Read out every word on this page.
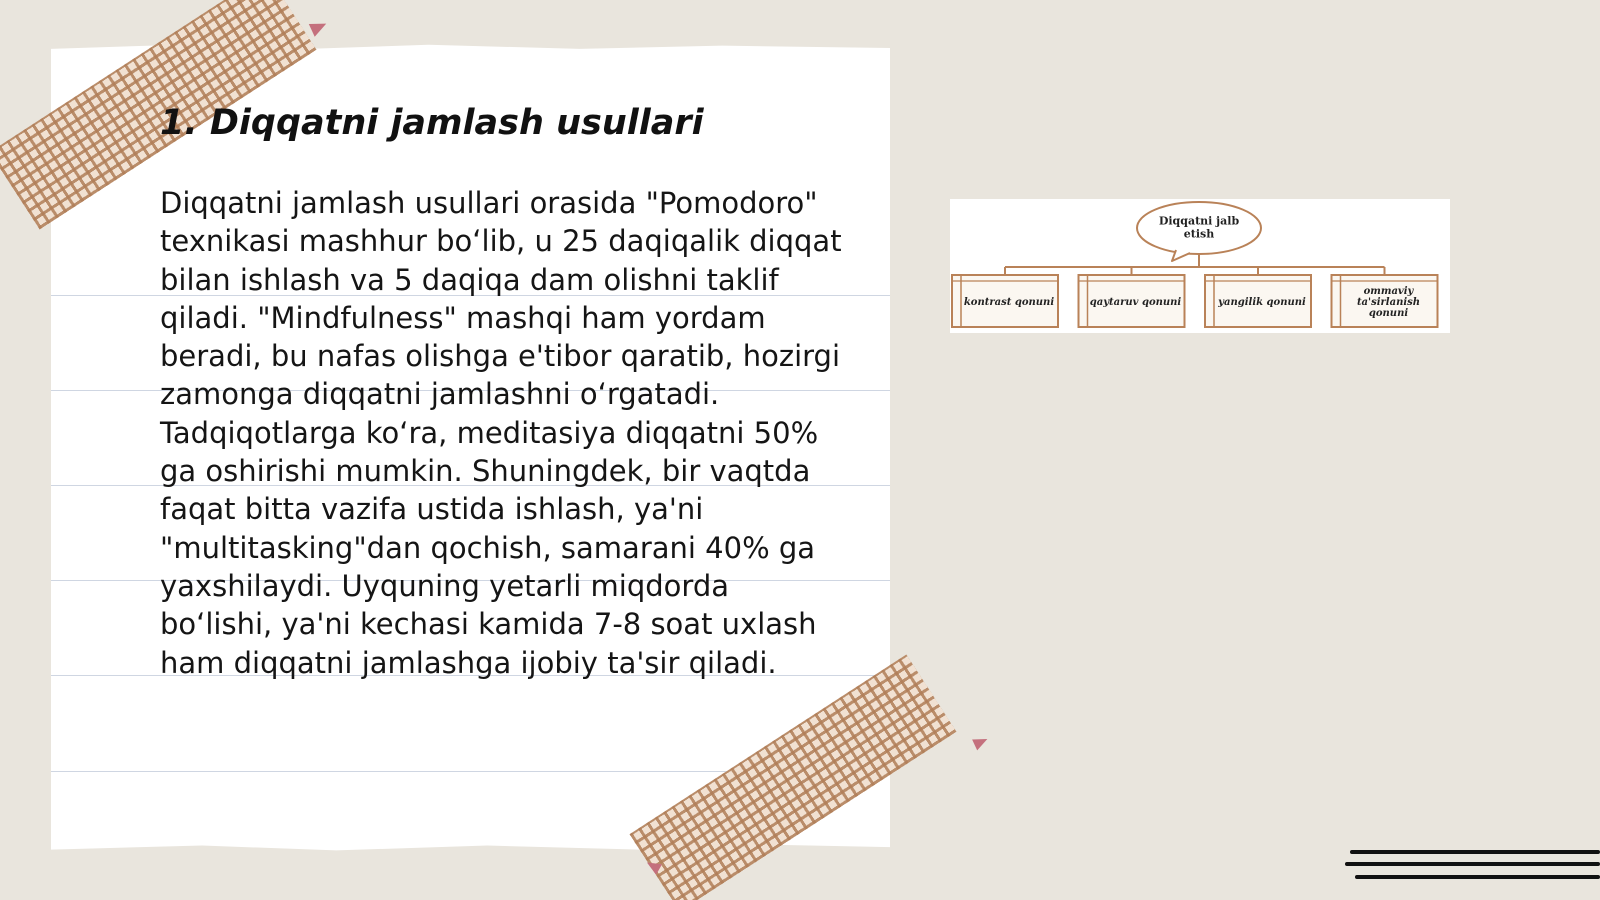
1. Diqqatni jamlash usullari

Diqqatni jamlash usullari orasida "Pomodoro" texnikasi mashhur boʻlib, u 25 daqiqalik diqqat bilan ishlash va 5 daqiqa dam olishni taklif qiladi. "Mindfulness" mashqi ham yordam beradi, bu nafas olishga e'tibor qaratib, hozirgi zamonga diqqatni jamlashni oʻrgatadi. Tadqiqotlarga koʻra, meditasiya diqqatni 50% ga oshirishi mumkin. Shuningdek, bir vaqtda faqat bitta vazifa ustida ishlash, ya'ni "multitasking"dan qochish, samarani 40% ga yaxshilaydi. Uyquning yetarli miqdorda boʻlishi, ya'ni kechasi kamida 7-8 soat uxlash ham diqqatni jamlashga ijobiy ta'sir qiladi.

Diqqatni jalb etish
kontrast qonuni	qaytaruv qonuni	yangilik qonuni
ommaviy ta'sirlanish qonuni
